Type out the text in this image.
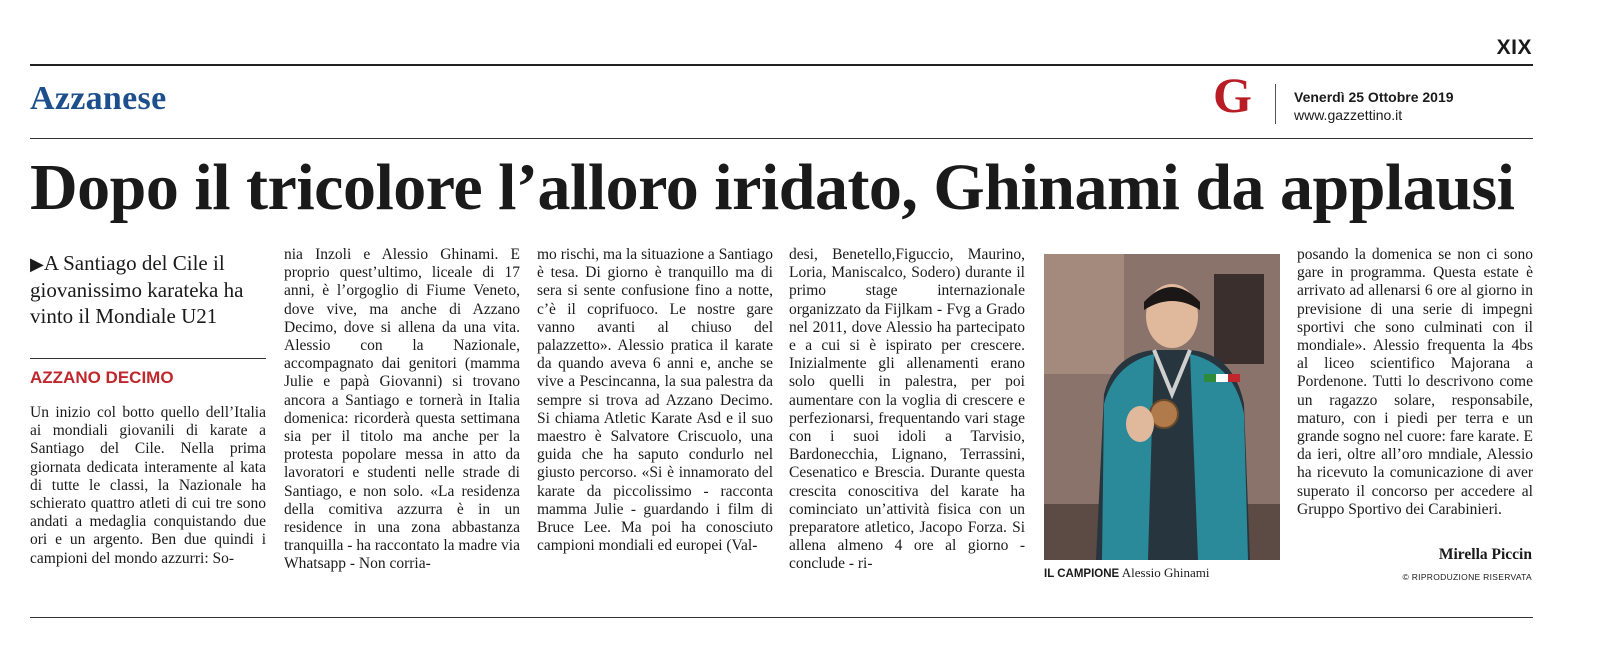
XIX
Azzanese	G	Venerdì 25 Ottobre 2019
www.gazzettino.it
Dopo il tricolore l’alloro iridato, Ghinami da applausi
▶A Santiago del Cile il giovanissimo karateka ha vinto il Mondiale U21
AZZANO DECIMO
Un inizio col botto quello dell’Italia ai mondiali giovanili di karate a Santiago del Cile. Nella prima giornata dedicata interamente al kata di tutte le classi, la Nazionale ha schierato quattro atleti di cui tre sono andati a medaglia conquistando due ori e un argento. Ben due quindi i campioni del mondo azzurri: So-
nia Inzoli e Alessio Ghinami. E proprio quest’ultimo, liceale di 17 anni, è l’orgoglio di Fiume Veneto, dove vive, ma anche di Azzano Decimo, dove si allena da una vita. Alessio con la Nazionale, accompagnato dai genitori (mamma Julie e papà Giovanni) si trovano ancora a Santiago e tornerà in Italia domenica: ricorderà questa settimana sia per il titolo ma anche per la protesta popolare messa in atto da lavoratori e studenti nelle strade di Santiago, e non solo. «La residenza della comitiva azzurra è in un residence in una zona abbastanza tranquilla - ha raccontato la madre via Whatsapp - Non corria-
mo rischi, ma la situazione a Santiago è tesa. Di giorno è tranquillo ma di sera si sente confusione fino a notte, c’è il coprifuoco. Le nostre gare vanno avanti al chiuso del palazzetto». Alessio pratica il karate da quando aveva 6 anni e, anche se vive a Pescincanna, la sua palestra da sempre si trova ad Azzano Decimo. Si chiama Atletic Karate Asd e il suo maestro è Salvatore Criscuolo, una guida che ha saputo condurlo nel giusto percorso. «Si è innamorato del karate da piccolissimo - racconta mamma Julie - guardando i film di Bruce Lee. Ma poi ha conosciuto campioni mondiali ed europei (Val-
desi, Benetello,Figuccio, Maurino, Loria, Maniscalco, Sodero) durante il primo stage internazionale organizzato da Fijlkam - Fvg a Grado nel 2011, dove Alessio ha partecipato e a cui si è ispirato per crescere. Inizialmente gli allenamenti erano solo quelli in palestra, per poi aumentare con la voglia di crescere e perfezionarsi, frequentando vari stage con i suoi idoli a Tarvisio, Bardonecchia, Lignano, Terrassini, Cesenatico e Brescia. Durante questa crescita conoscitiva del karate ha cominciato un’attività fisica con un preparatore atletico, Jacopo Forza. Si allena almeno 4 ore al giorno - conclude - ri-
IL CAMPIONE Alessio Ghinami
posando la domenica se non ci sono gare in programma. Questa estate è arrivato ad allenarsi 6 ore al giorno in previsione di una serie di impegni sportivi che sono culminati con il mondiale». Alessio frequenta la 4bs al liceo scientifico Majorana a Pordenone. Tutti lo descrivono come un ragazzo solare, responsabile, maturo, con i piedi per terra e un grande sogno nel cuore: fare karate. E da ieri, oltre all’oro mndiale, Alessio ha ricevuto la comunicazione di aver superato il concorso per accedere al Gruppo Sportivo dei Carabinieri.
Mirella Piccin
© RIPRODUZIONE RISERVATA
